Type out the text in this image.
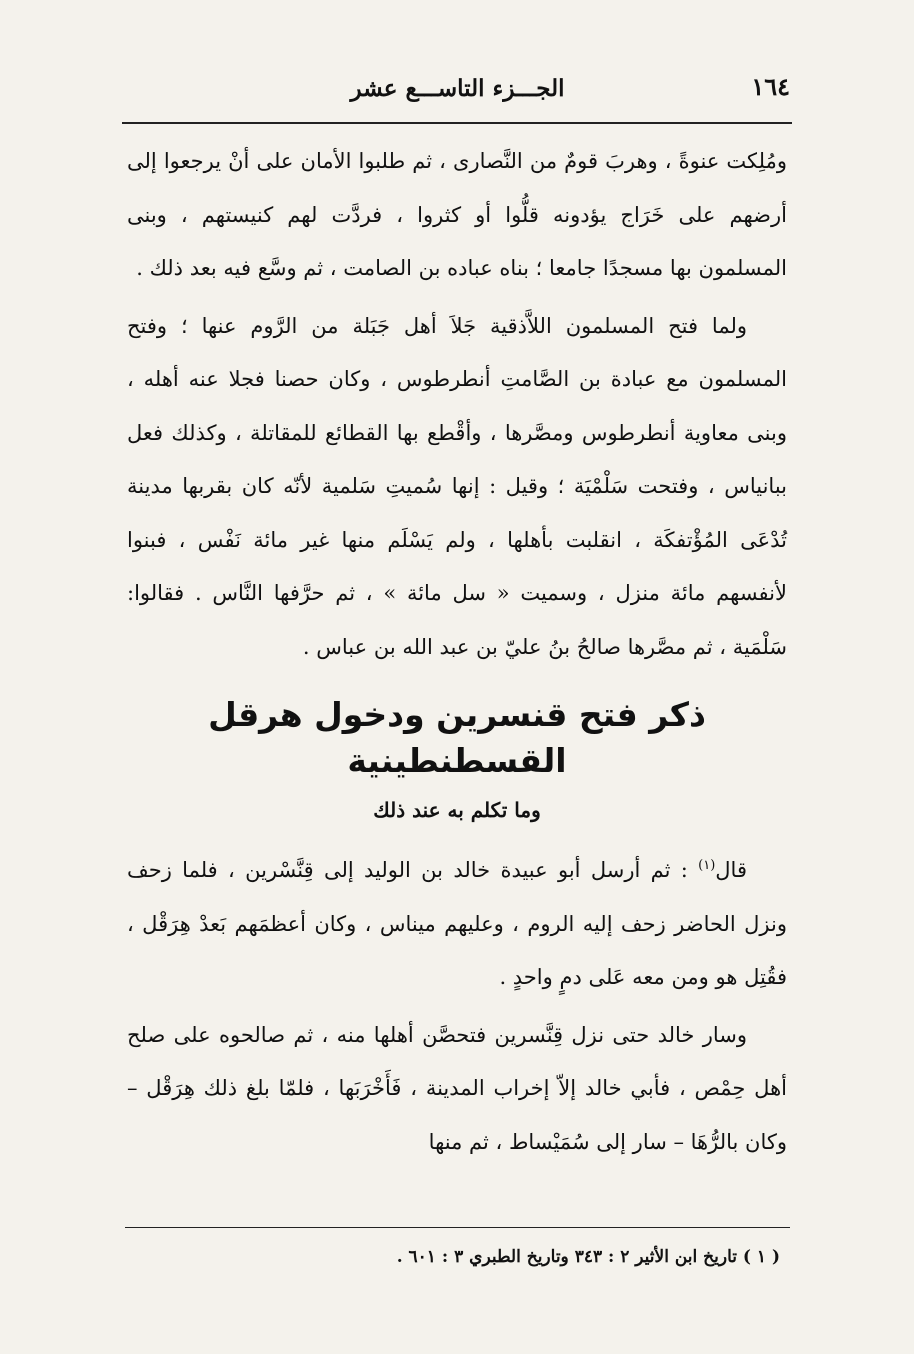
١٦٤
الجـــزء التاســـع عشر

ومُلِكت عنوةً ، وهربَ قومٌ من النَّصارى ، ثم طلبوا الأمان على أنْ يرجعوا إلى أرضهم على خَرَاج يؤدونه قلُّوا أو كثروا ، فردَّت لهم كنيستهم ، وبنى المسلمون بها مسجدًا جامعا ؛ بناه عباده بن الصامت ، ثم وسَّع فيه بعد ذلك .

ولما فتح المسلمون اللاَّذقية جَلاَ أهل جَبَلة من الرَّوم عنها ؛ وفتح المسلمون مع عبادة بن الصَّامتِ أنطرطوس ، وكان حصنا فجلا عنه أهله ، وبنى معاوية أنطرطوس ومصَّرها ، وأقْطع بها القطائع للمقاتلة ، وكذلك فعل ببانياس ، وفتحت سَلْمْيَة ؛ وقيل : إنها سُميتِ سَلمية لأنّه كان بقربها مدينة تُدْعَى المُؤْتفكَة ، انقلبت بأهلها ، ولم يَسْلَم منها غير مائة نَفْس ، فبنوا لأنفسهم مائة منزل ، وسميت « سل مائة » ، ثم حرَّفها النَّاس . فقالوا: سَلْمَية ، ثم مصَّرها صالحُ بنُ عليّ بن عبد الله بن عباس .

ذكر فتح قنسرين ودخول هرقل القسطنطينية
وما تكلم به عند ذلك

قال$^{(١)}$ : ثم أرسل أبو عبيدة خالد بن الوليد إلى قِنَّسْرين ، فلما زحف ونزل الحاضر زحف إليه الروم ، وعليهم ميناس ، وكان أعظمَهم بَعدْ هِرَقْل ، فقُتِل هو ومن معه عَلى دمٍ واحدٍ .

وسار خالد حتى نزل قِنَّسرين فتحصَّن أهلها منه ، ثم صالحوه على صلح أهل حِمْص ، فأبي خالد إلاّ إخراب المدينة ، فَأَخْرَبَها ، فلمّا بلغ ذلك هِرَقْل – وكان بالرُّهَا – سار إلى سُمَيْساط ، ثم منها

( ١ ) تاريخ ابن الأثير ٢ : ٣٤٣ وتاريخ الطبري ٣ : ٦٠١ .
